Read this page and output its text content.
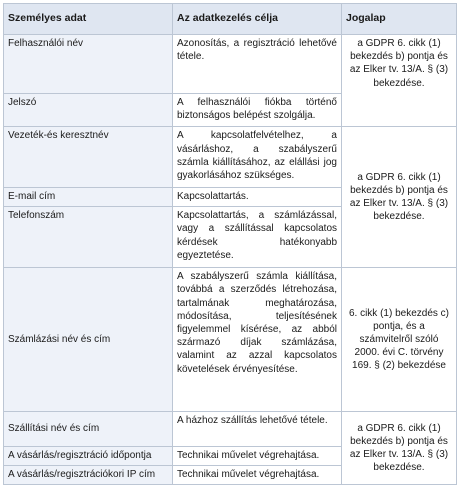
Személyes adat	Az adatkezelés célja	Jogalap
Felhasználói név	Azonosítás, a regisztráció lehetővé tétele.	a GDPR 6. cikk (1) bekezdés b) pontja és az Elker tv. 13/A. § (3) bekezdése.
Jelszó	A felhasználói fiókba történő biztonságos belépést szolgálja.	
Vezeték-és keresztnév	A kapcsolatfelvételhez, a vásárláshoz, a szabályszerű számla kiállításához, az elállási jog gyakorlásához szükséges.	a GDPR 6. cikk (1) bekezdés b) pontja és az Elker tv. 13/A. § (3) bekezdése.
E-mail cím	Kapcsolattartás.	
Telefonszám	Kapcsolattartás, a számlázással, vagy a szállítással kapcsolatos kérdések hatékonyabb egyeztetése.	
Számlázási név és cím	A szabályszerű számla kiállítása, továbbá a szerződés létrehozása, tartalmának meghatározása, módosítása, teljesítésének figyelemmel kísérése, az abból származó díjak számlázása, valamint az azzal kapcsolatos követelések érvényesítése.	6. cikk (1) bekezdés c) pontja, és a számvitelről szóló 2000. évi C. törvény 169. § (2) bekezdése
Szállítási név és cím	A házhoz szállítás lehetővé tétele.	a GDPR 6. cikk (1) bekezdés b) pontja és az Elker tv. 13/A. § (3) bekezdése.
A vásárlás/regisztráció időpontja	Technikai művelet végrehajtása.	
A vásárlás/regisztrációkori IP cím	Technikai művelet végrehajtása.	
